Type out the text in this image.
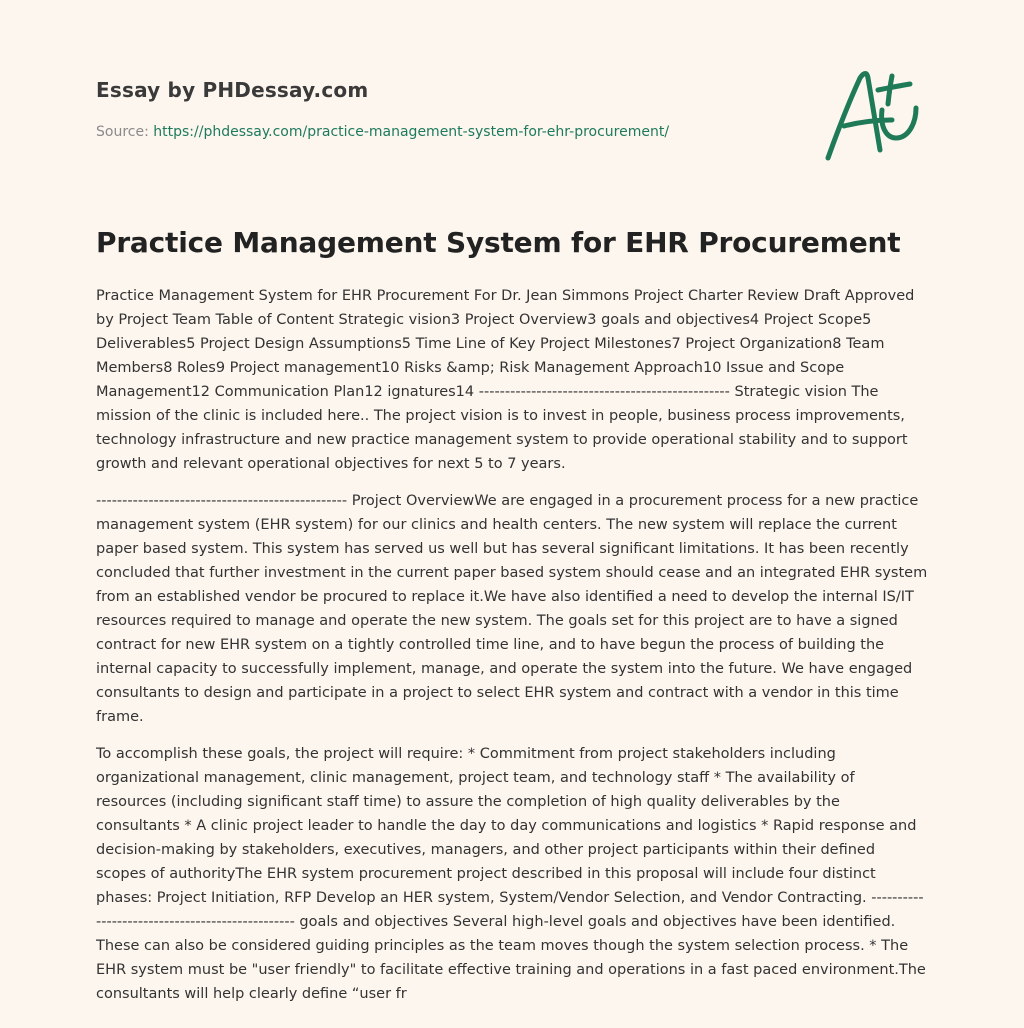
Essay by PHDessay.com
Source: https://phdessay.com/practice-management-system-for-ehr-procurement/
Practice Management System for EHR Procurement

Practice Management System for EHR Procurement For Dr. Jean Simmons Project Charter Review Draft Approved by Project Team Table of Content Strategic vision3 Project Overview3 goals and objectives4 Project Scope5 Deliverables5 Project Design Assumptions5 Time Line of Key Project Milestones7 Project Organization8 Team Members8 Roles9 Project management10 Risks &amp; Risk Management Approach10 Issue and Scope Management12 Communication Plan12 ignatures14 ------------------------------------------------ Strategic vision The mission of the clinic is included here.. The project vision is to invest in people, business process improvements, technology infrastructure and new practice management system to provide operational stability and to support growth and relevant operational objectives for next 5 to 7 years.

------------------------------------------------ Project OverviewWe are engaged in a procurement process for a new practice management system (EHR system) for our clinics and health centers. The new system will replace the current paper based system. This system has served us well but has several significant limitations. It has been recently concluded that further investment in the current paper based system should cease and an integrated EHR system from an established vendor be procured to replace it.We have also identified a need to develop the internal IS/IT resources required to manage and operate the new system. The goals set for this project are to have a signed contract for new EHR system on a tightly controlled time line, and to have begun the process of building the internal capacity to successfully implement, manage, and operate the system into the future. We have engaged consultants to design and participate in a project to select EHR system and contract with a vendor in this time frame.

To accomplish these goals, the project will require: * Commitment from project stakeholders including organizational management, clinic management, project team, and technology staff * The availability of resources (including significant staff time) to assure the completion of high quality deliverables by the consultants * A clinic project leader to handle the day to day communications and logistics * Rapid response and decision-making by stakeholders, executives, managers, and other project participants within their defined scopes of authorityThe EHR system procurement project described in this proposal will include four distinct phases: Project Initiation, RFP Develop an HER system, System/Vendor Selection, and Vendor Contracting. ------------------------------------------------ goals and objectives Several high-level goals and objectives have been identified. These can also be considered guiding principles as the team moves though the system selection process. * The EHR system must be "user friendly" to facilitate effective training and operations in a fast paced environment.The consultants will help clearly define “user fr
